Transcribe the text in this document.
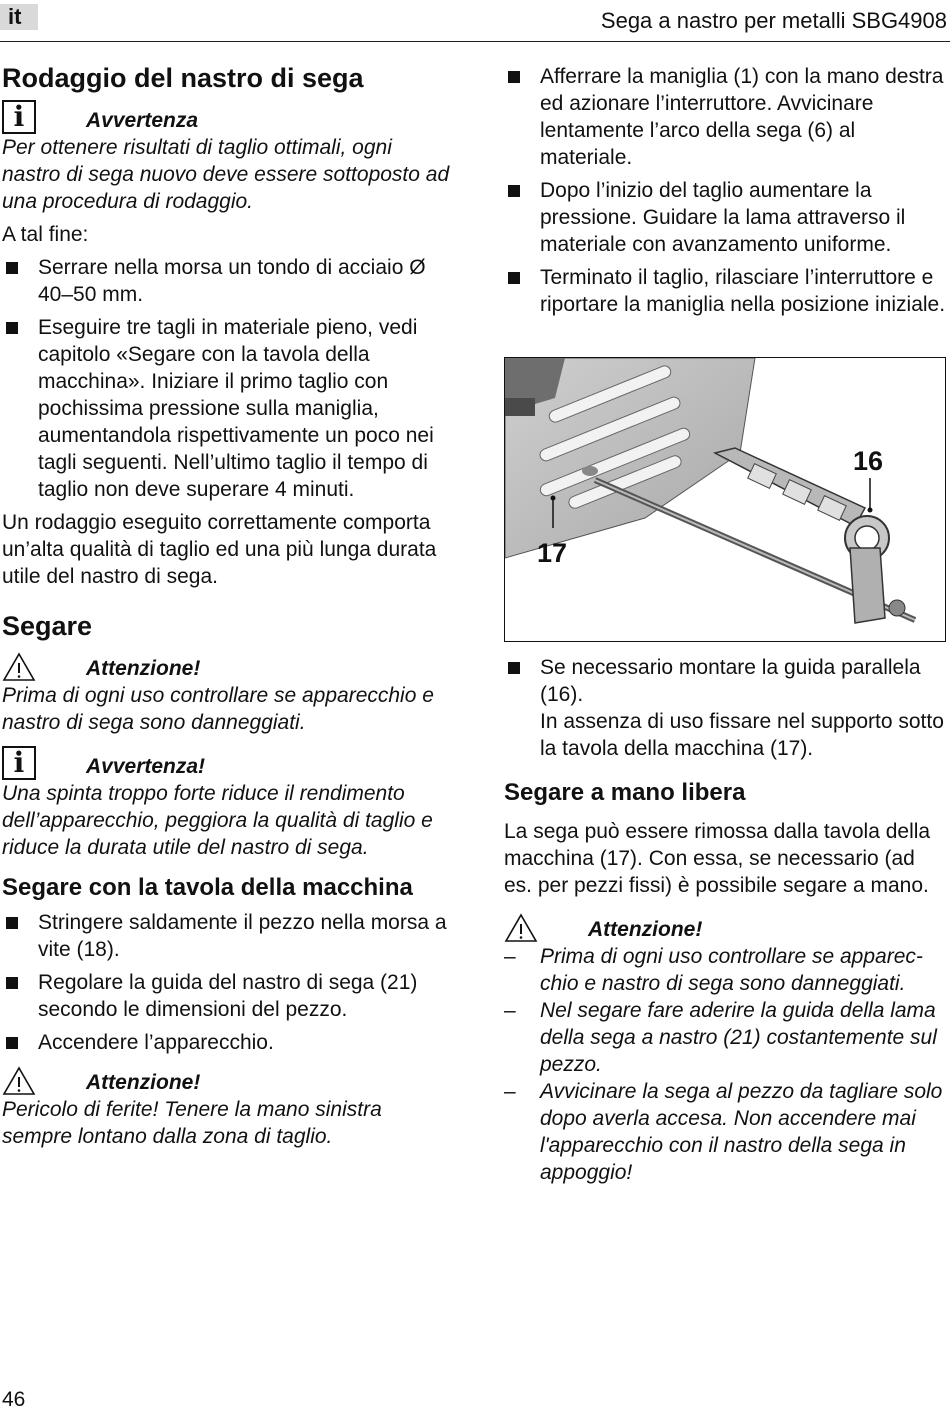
it	Sega a nastro per metalli SBG4908
Rodaggio del nastro di sega
i	Avvertenza

Per ottenere risultati di taglio ottimali, ogni nastro di sega nuovo deve essere sottoposto ad una procedura di rodaggio.

A tal fine:

Serrare nella morsa un tondo di acciaio Ø 40–50 mm.
Eseguire tre tagli in materiale pieno, vedi capitolo «Segare con la tavola della macchina». Iniziare il primo taglio con pochissima pressione sulla maniglia, aumentandola rispettivamente un poco nei tagli seguenti. Nell’ultimo taglio il tempo di taglio non deve superare 4 minuti.

Un rodaggio eseguito correttamente comporta un’alta qualità di taglio ed una più lunga durata utile del nastro di sega.

Segare
Attenzione!

Prima di ogni uso controllare se apparecchio e nastro di sega sono danneggiati.

i	Avvertenza!

Una spinta troppo forte riduce il rendimento dell’apparecchio, peggiora la qualità di taglio e riduce la durata utile del nastro di sega.

Segare con la tavola della macchina
Stringere saldamente il pezzo nella morsa a vite (18).
Regolare la guida del nastro di sega (21) secondo le dimensioni del pezzo.
Accendere l’apparecchio.
Attenzione!

Pericolo di ferite! Tenere la mano sinistra sempre lontano dalla zona di taglio.

Afferrare la maniglia (1) con la mano destra ed azionare l’interruttore. Avvicinare lentamente l’arco della sega (6) al materiale.
Dopo l’inizio del taglio aumentare la pressione. Guidare la lama attraverso il materiale con avanzamento uniforme.
Terminato il taglio, rilasciare l’interruttore e riportare la maniglia nella posizione iniziale.
16
17
Se necessario montare la guida parallela (16).
In assenza di uso fissare nel supporto sotto la tavola della macchina (17).
Segare a mano libera

La sega può essere rimossa dalla tavola della macchina (17). Con essa, se necessario (ad es. per pezzi fissi) è possibile segare a mano.

Attenzione!
–	Prima di ogni uso controllare se apparec-chio e nastro di sega sono danneggiati.
–	Nel segare fare aderire la guida della lama della sega a nastro (21) costantemente sul pezzo.
–	Avvicinare la sega al pezzo da tagliare solo dopo averla accesa. Non accendere mai l'apparecchio con il nastro della sega in appoggio!
46
